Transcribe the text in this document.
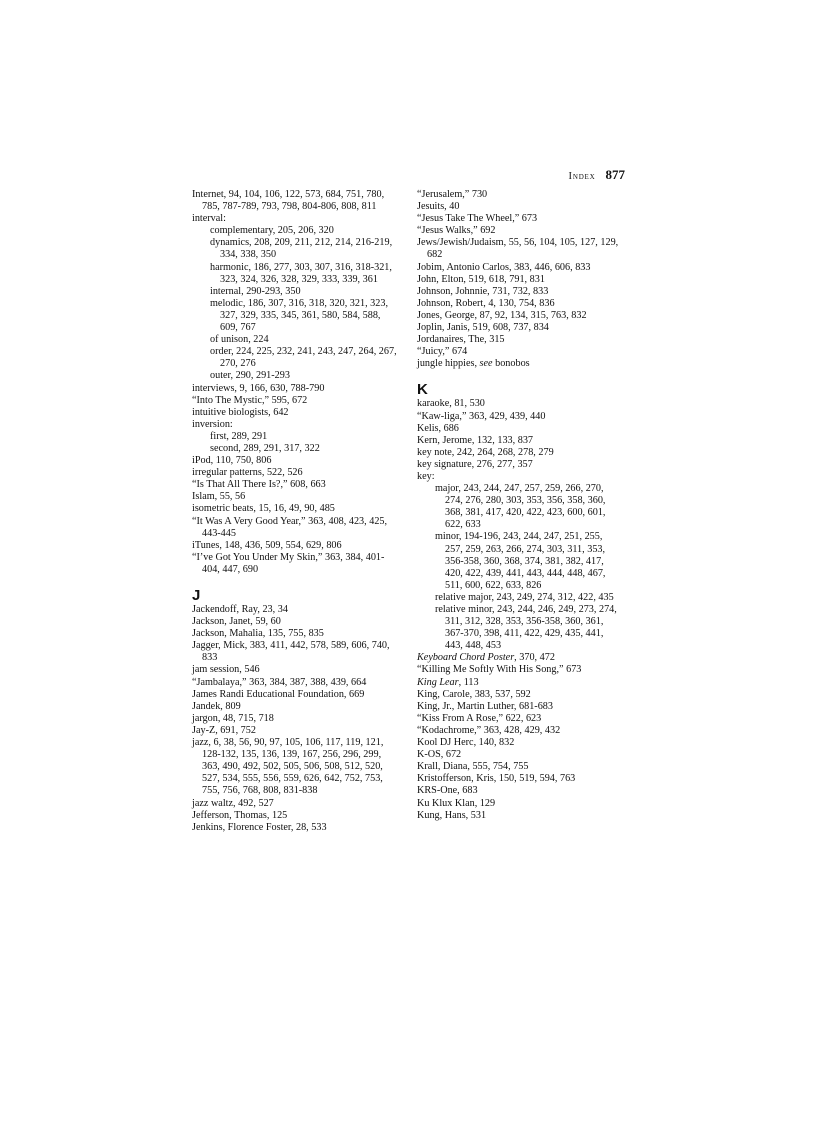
Index 877
Internet, 94, 104, 106, 122, 573, 684, 751, 780, 785, 787-789, 793, 798, 804-806, 808, 811
interval:
complementary, 205, 206, 320
dynamics, 208, 209, 211, 212, 214, 216-219, 334, 338, 350
harmonic, 186, 277, 303, 307, 316, 318-321, 323, 324, 326, 328, 329, 333, 339, 361
internal, 290-293, 350
melodic, 186, 307, 316, 318, 320, 321, 323, 327, 329, 335, 345, 361, 580, 584, 588, 609, 767
of unison, 224
order, 224, 225, 232, 241, 243, 247, 264, 267, 270, 276
outer, 290, 291-293
interviews, 9, 166, 630, 788-790
“Into The Mystic,” 595, 672
intuitive biologists, 642
inversion:
first, 289, 291
second, 289, 291, 317, 322
iPod, 110, 750, 806
irregular patterns, 522, 526
“Is That All There Is?,” 608, 663
Islam, 55, 56
isometric beats, 15, 16, 49, 90, 485
“It Was A Very Good Year,” 363, 408, 423, 425, 443-445
iTunes, 148, 436, 509, 554, 629, 806
“I’ve Got You Under My Skin,” 363, 384, 401-404, 447, 690
J
Jackendoff, Ray, 23, 34
Jackson, Janet, 59, 60
Jackson, Mahalia, 135, 755, 835
Jagger, Mick, 383, 411, 442, 578, 589, 606, 740, 833
jam session, 546
“Jambalaya,” 363, 384, 387, 388, 439, 664
James Randi Educational Foundation, 669
Jandek, 809
jargon, 48, 715, 718
Jay-Z, 691, 752
jazz, 6, 38, 56, 90, 97, 105, 106, 117, 119, 121, 128-132, 135, 136, 139, 167, 256, 296, 299, 363, 490, 492, 502, 505, 506, 508, 512, 520, 527, 534, 555, 556, 559, 626, 642, 752, 753, 755, 756, 768, 808, 831-838
jazz waltz, 492, 527
Jefferson, Thomas, 125
Jenkins, Florence Foster, 28, 533
“Jerusalem,” 730
Jesuits, 40
“Jesus Take The Wheel,” 673
“Jesus Walks,” 692
Jews/Jewish/Judaism, 55, 56, 104, 105, 127, 129, 682
Jobim, Antonio Carlos, 383, 446, 606, 833
John, Elton, 519, 618, 791, 831
Johnson, Johnnie, 731, 732, 833
Johnson, Robert, 4, 130, 754, 836
Jones, George, 87, 92, 134, 315, 763, 832
Joplin, Janis, 519, 608, 737, 834
Jordanaires, The, 315
“Juicy,” 674
jungle hippies, see bonobos
K
karaoke, 81, 530
“Kaw-liga,” 363, 429, 439, 440
Kelis, 686
Kern, Jerome, 132, 133, 837
key note, 242, 264, 268, 278, 279
key signature, 276, 277, 357
key:
major, 243, 244, 247, 257, 259, 266, 270, 274, 276, 280, 303, 353, 356, 358, 360, 368, 381, 417, 420, 422, 423, 600, 601, 622, 633
minor, 194-196, 243, 244, 247, 251, 255, 257, 259, 263, 266, 274, 303, 311, 353, 356-358, 360, 368, 374, 381, 382, 417, 420, 422, 439, 441, 443, 444, 448, 467, 511, 600, 622, 633, 826
relative major, 243, 249, 274, 312, 422, 435
relative minor, 243, 244, 246, 249, 273, 274, 311, 312, 328, 353, 356-358, 360, 361, 367-370, 398, 411, 422, 429, 435, 441, 443, 448, 453
Keyboard Chord Poster, 370, 472
“Killing Me Softly With His Song,” 673
King Lear, 113
King, Carole, 383, 537, 592
King, Jr., Martin Luther, 681-683
“Kiss From A Rose,” 622, 623
“Kodachrome,” 363, 428, 429, 432
Kool DJ Herc, 140, 832
K-OS, 672
Krall, Diana, 555, 754, 755
Kristofferson, Kris, 150, 519, 594, 763
KRS-One, 683
Ku Klux Klan, 129
Kung, Hans, 531
